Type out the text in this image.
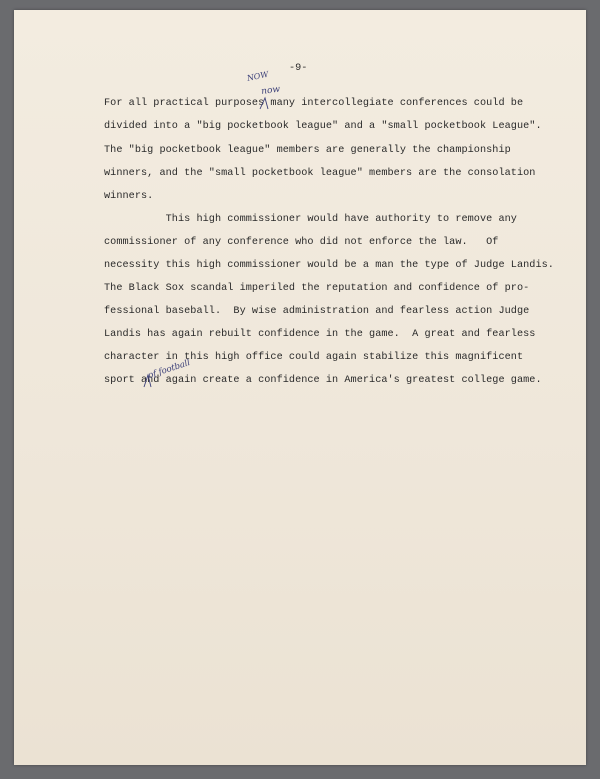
-9-
For all practical purposes many intercollegiate conferences could be
divided into a "big pocketbook league" and a "small pocketbook League".
The "big pocketbook league" members are generally the championship
winners, and the "small pocketbook league" members are the consolation
winners.
This high commissioner would have authority to remove any
commissioner of any conference who did not enforce the law.   Of
necessity this high commissioner would be a man the type of Judge Landis.
The Black Sox scandal imperiled the reputation and confidence of pro-
fessional baseball.  By wise administration and fearless action Judge
Landis has again rebuilt confidence in the game.  A great and fearless
character in this high office could again stabilize this magnificent
sport and again create a confidence in America's greatest college game.
NOW
now
of football
